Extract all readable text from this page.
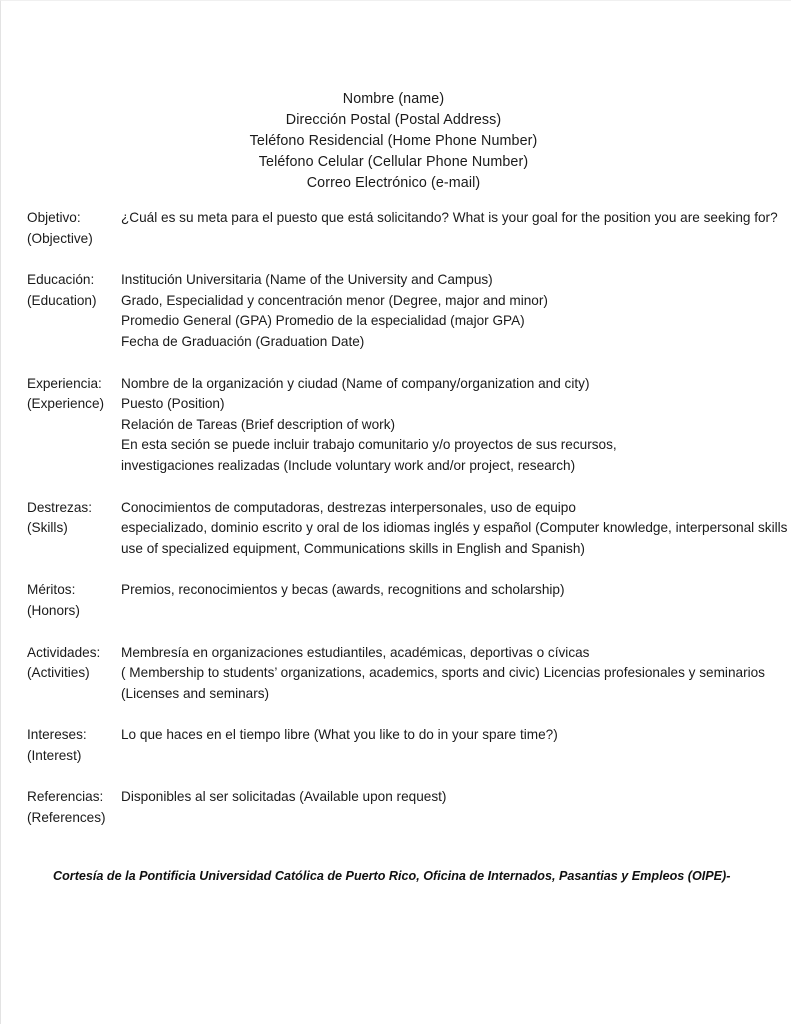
Nombre (name)
Dirección Postal (Postal Address)
Teléfono Residencial (Home Phone Number)
Teléfono Celular (Cellular Phone Number)
Correo Electrónico (e-mail)
Objetivo:
(Objective)
¿Cuál es su meta para el puesto que está solicitando? What is your goal for the position you are seeking for?
Educación:
(Education)
Institución Universitaria (Name of the University and Campus)
Grado, Especialidad y concentración menor (Degree, major and minor)
Promedio General (GPA) Promedio de la especialidad (major GPA)
Fecha de Graduación (Graduation Date)
Experiencia:
(Experience)
Nombre de la organización y ciudad (Name of company/organization and city)
Puesto (Position)
Relación de Tareas (Brief description of work)
En esta seción se puede incluir trabajo comunitario y/o proyectos de sus recursos,
investigaciones realizadas (Include voluntary work and/or project, research)
Destrezas:
(Skills)
Conocimientos de computadoras, destrezas interpersonales, uso de equipo
especializado, dominio escrito y oral de los idiomas inglés y español (Computer knowledge, interpersonal skills
use of specialized equipment, Communications skills in English and Spanish)
Méritos:
(Honors)
Premios, reconocimientos y becas (awards, recognitions and scholarship)
Actividades:
(Activities)
Membresía en organizaciones estudiantiles, académicas, deportivas o cívicas
( Membership to students’ organizations, academics, sports and civic) Licencias profesionales y seminarios
(Licenses and seminars)
Intereses:
(Interest)
Lo que haces en el tiempo libre (What you like to do in your spare time?)
Referencias:
(References)
Disponibles al ser solicitadas (Available upon request)
Cortesía de la Pontificia Universidad Católica de Puerto Rico, Oficina de Internados, Pasantias y Empleos (OIPE)-
